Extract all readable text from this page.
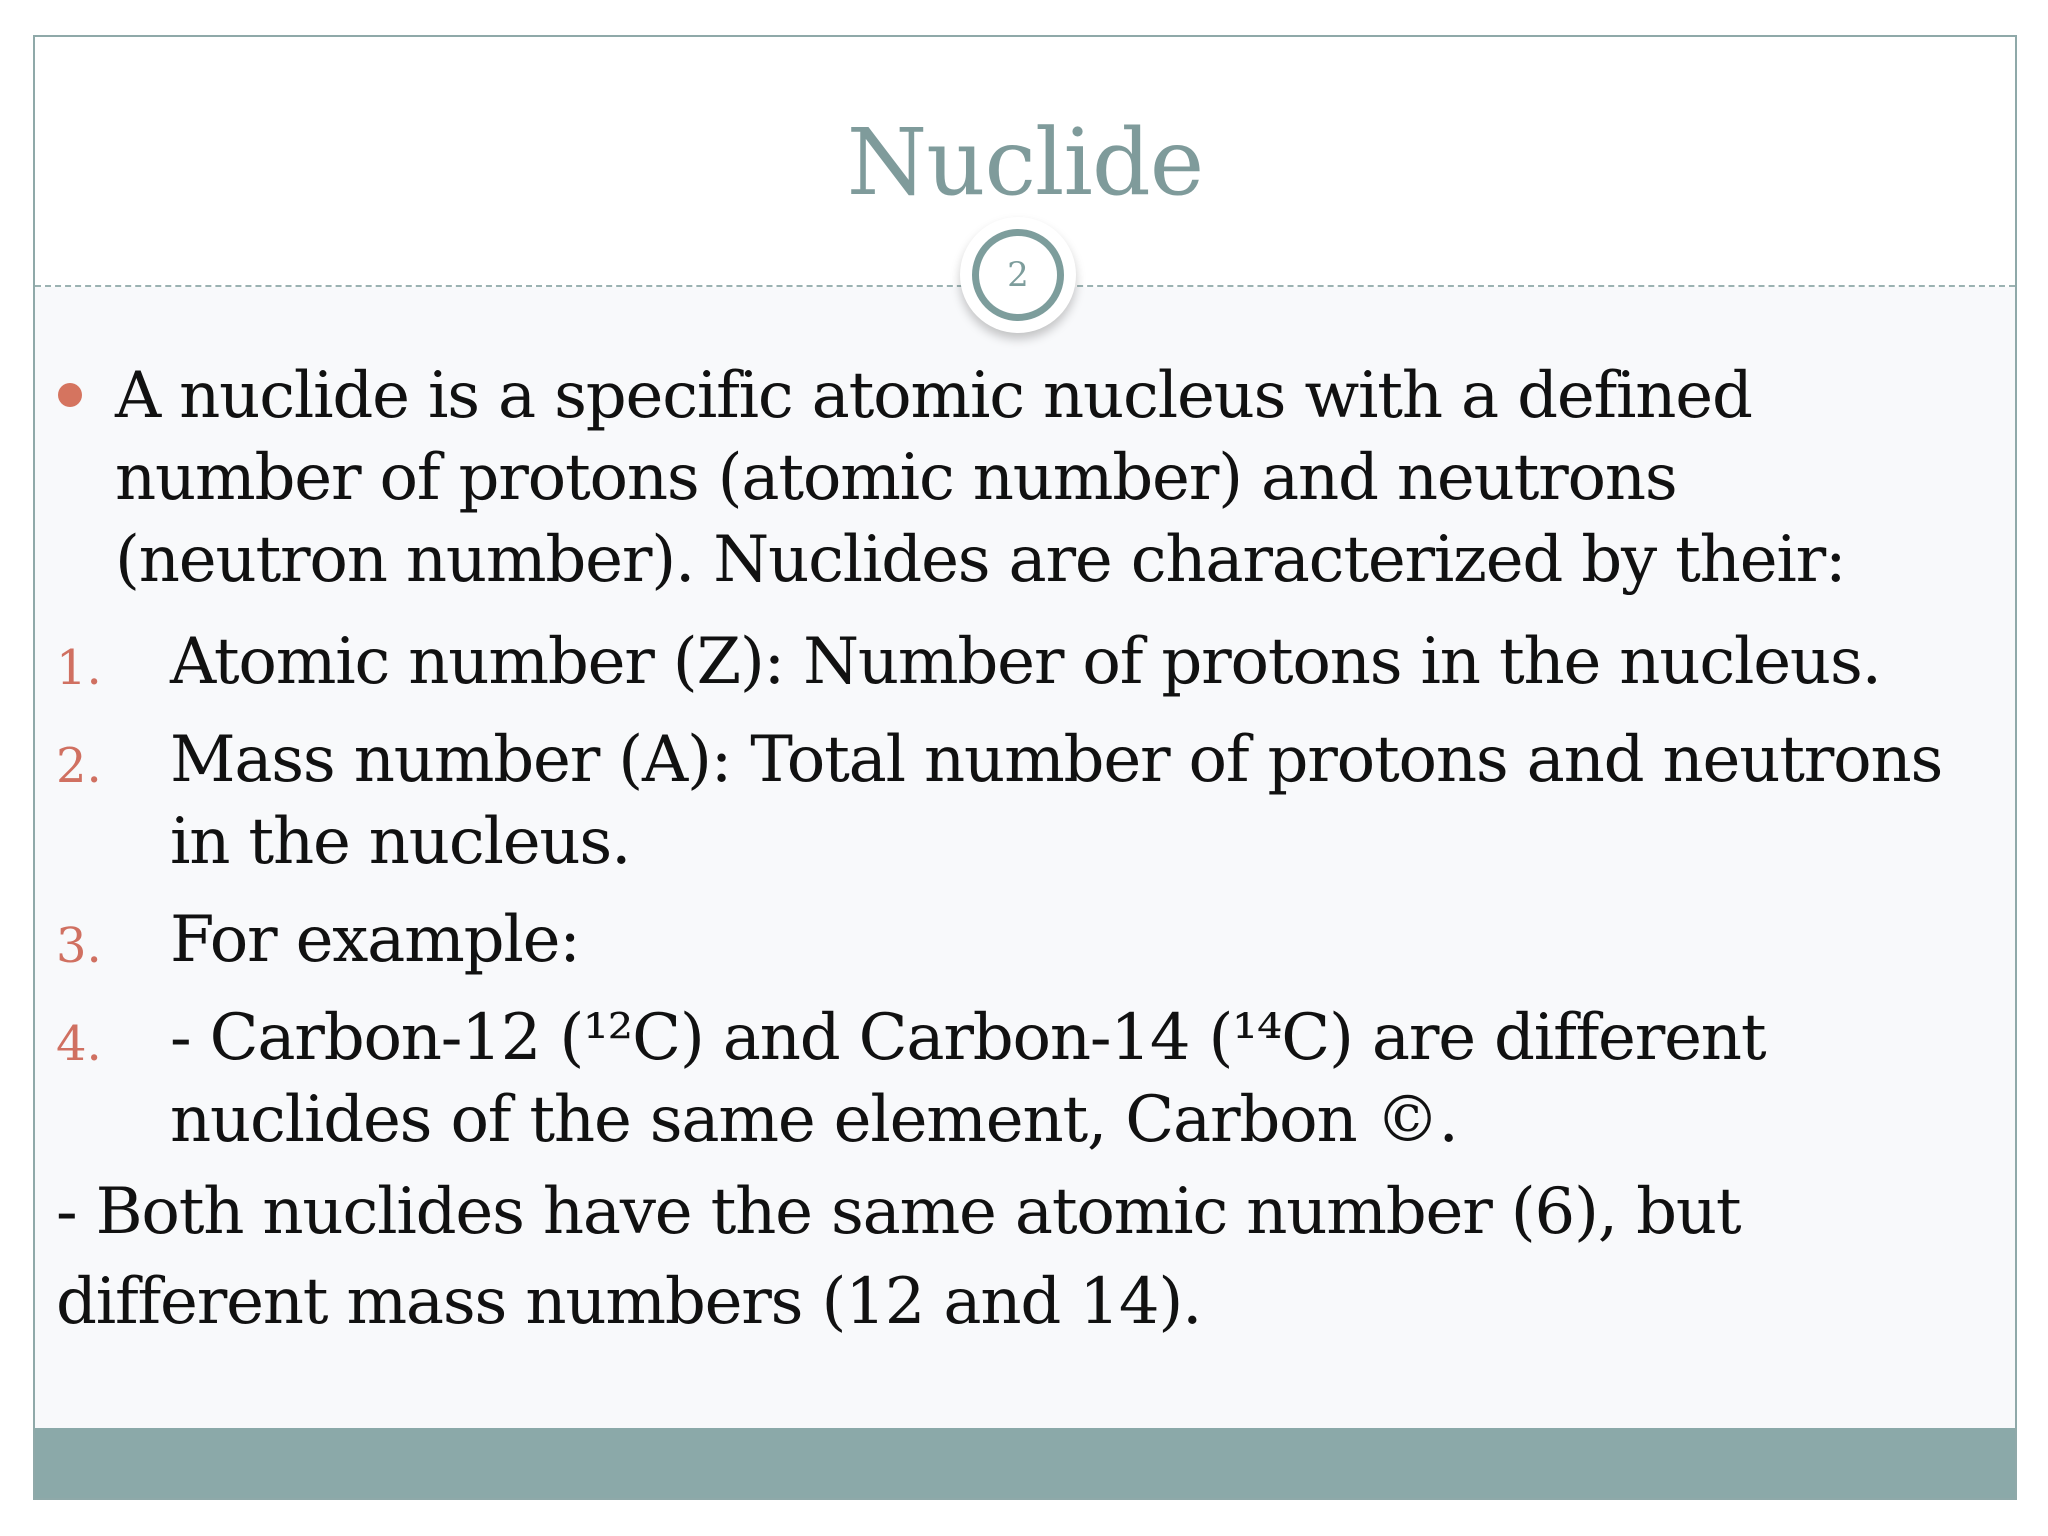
Nuclide
2
A nuclide is a specific atomic nucleus with a defined number of protons (atomic number) and neutrons (neutron number). Nuclides are characterized by their:
1. Atomic number (Z): Number of protons in the nucleus.
2. Mass number (A): Total number of protons and neutrons in the nucleus.
3. For example:
4. - Carbon-12 (¹²C) and Carbon-14 (¹⁴C) are different nuclides of the same element, Carbon ©.
- Both nuclides have the same atomic number (6), but different mass numbers (12 and 14).
